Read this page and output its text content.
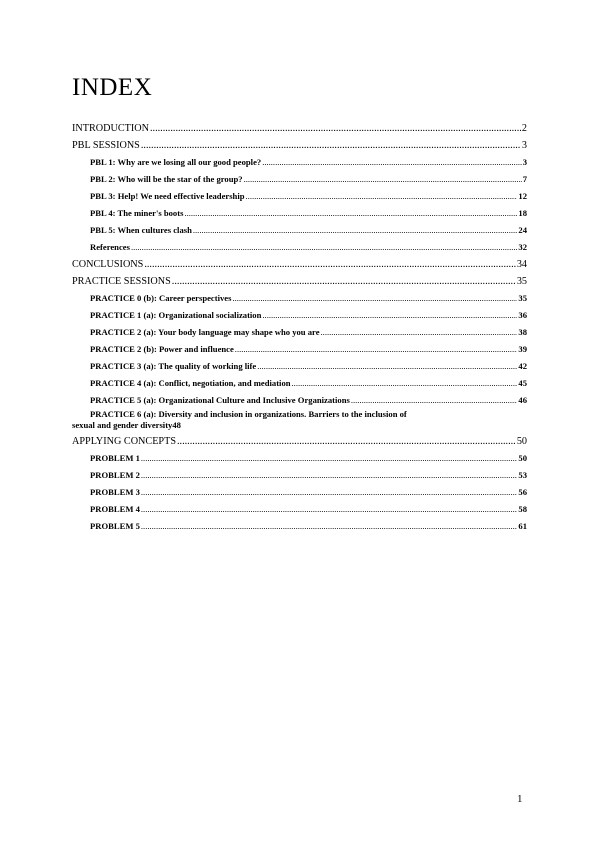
INDEX
INTRODUCTION .....	2
PBL SESSIONS .....	3
PBL 1: Why are we losing all our good people? .....	3
PBL 2: Who will be the star of the group? .....	7
PBL 3: Help! We need effective leadership .....	12
PBL 4: The miner's boots .....	18
PBL 5: When cultures clash .....	24
References .....	32
CONCLUSIONS .....	34
PRACTICE SESSIONS .....	35
PRACTICE 0 (b): Career perspectives .....	35
PRACTICE 1 (a): Organizational socialization .....	36
PRACTICE 2 (a): Your body language may shape who you are .....	38
PRACTICE 2 (b): Power and influence .....	39
PRACTICE 3 (a): The quality of working life .....	42
PRACTICE 4 (a): Conflict, negotiation, and mediation .....	45
PRACTICE 5 (a): Organizational Culture and Inclusive Organizations .....	46
PRACTICE 6 (a): Diversity and inclusion in organizations. Barriers to the inclusion of
sexual and gender diversity 48
APPLYING CONCEPTS .....	50
PROBLEM 1 .....	50
PROBLEM 2 .....	53
PROBLEM 3 .....	56
PROBLEM 4 .....	58
PROBLEM 5 .....	61
1
